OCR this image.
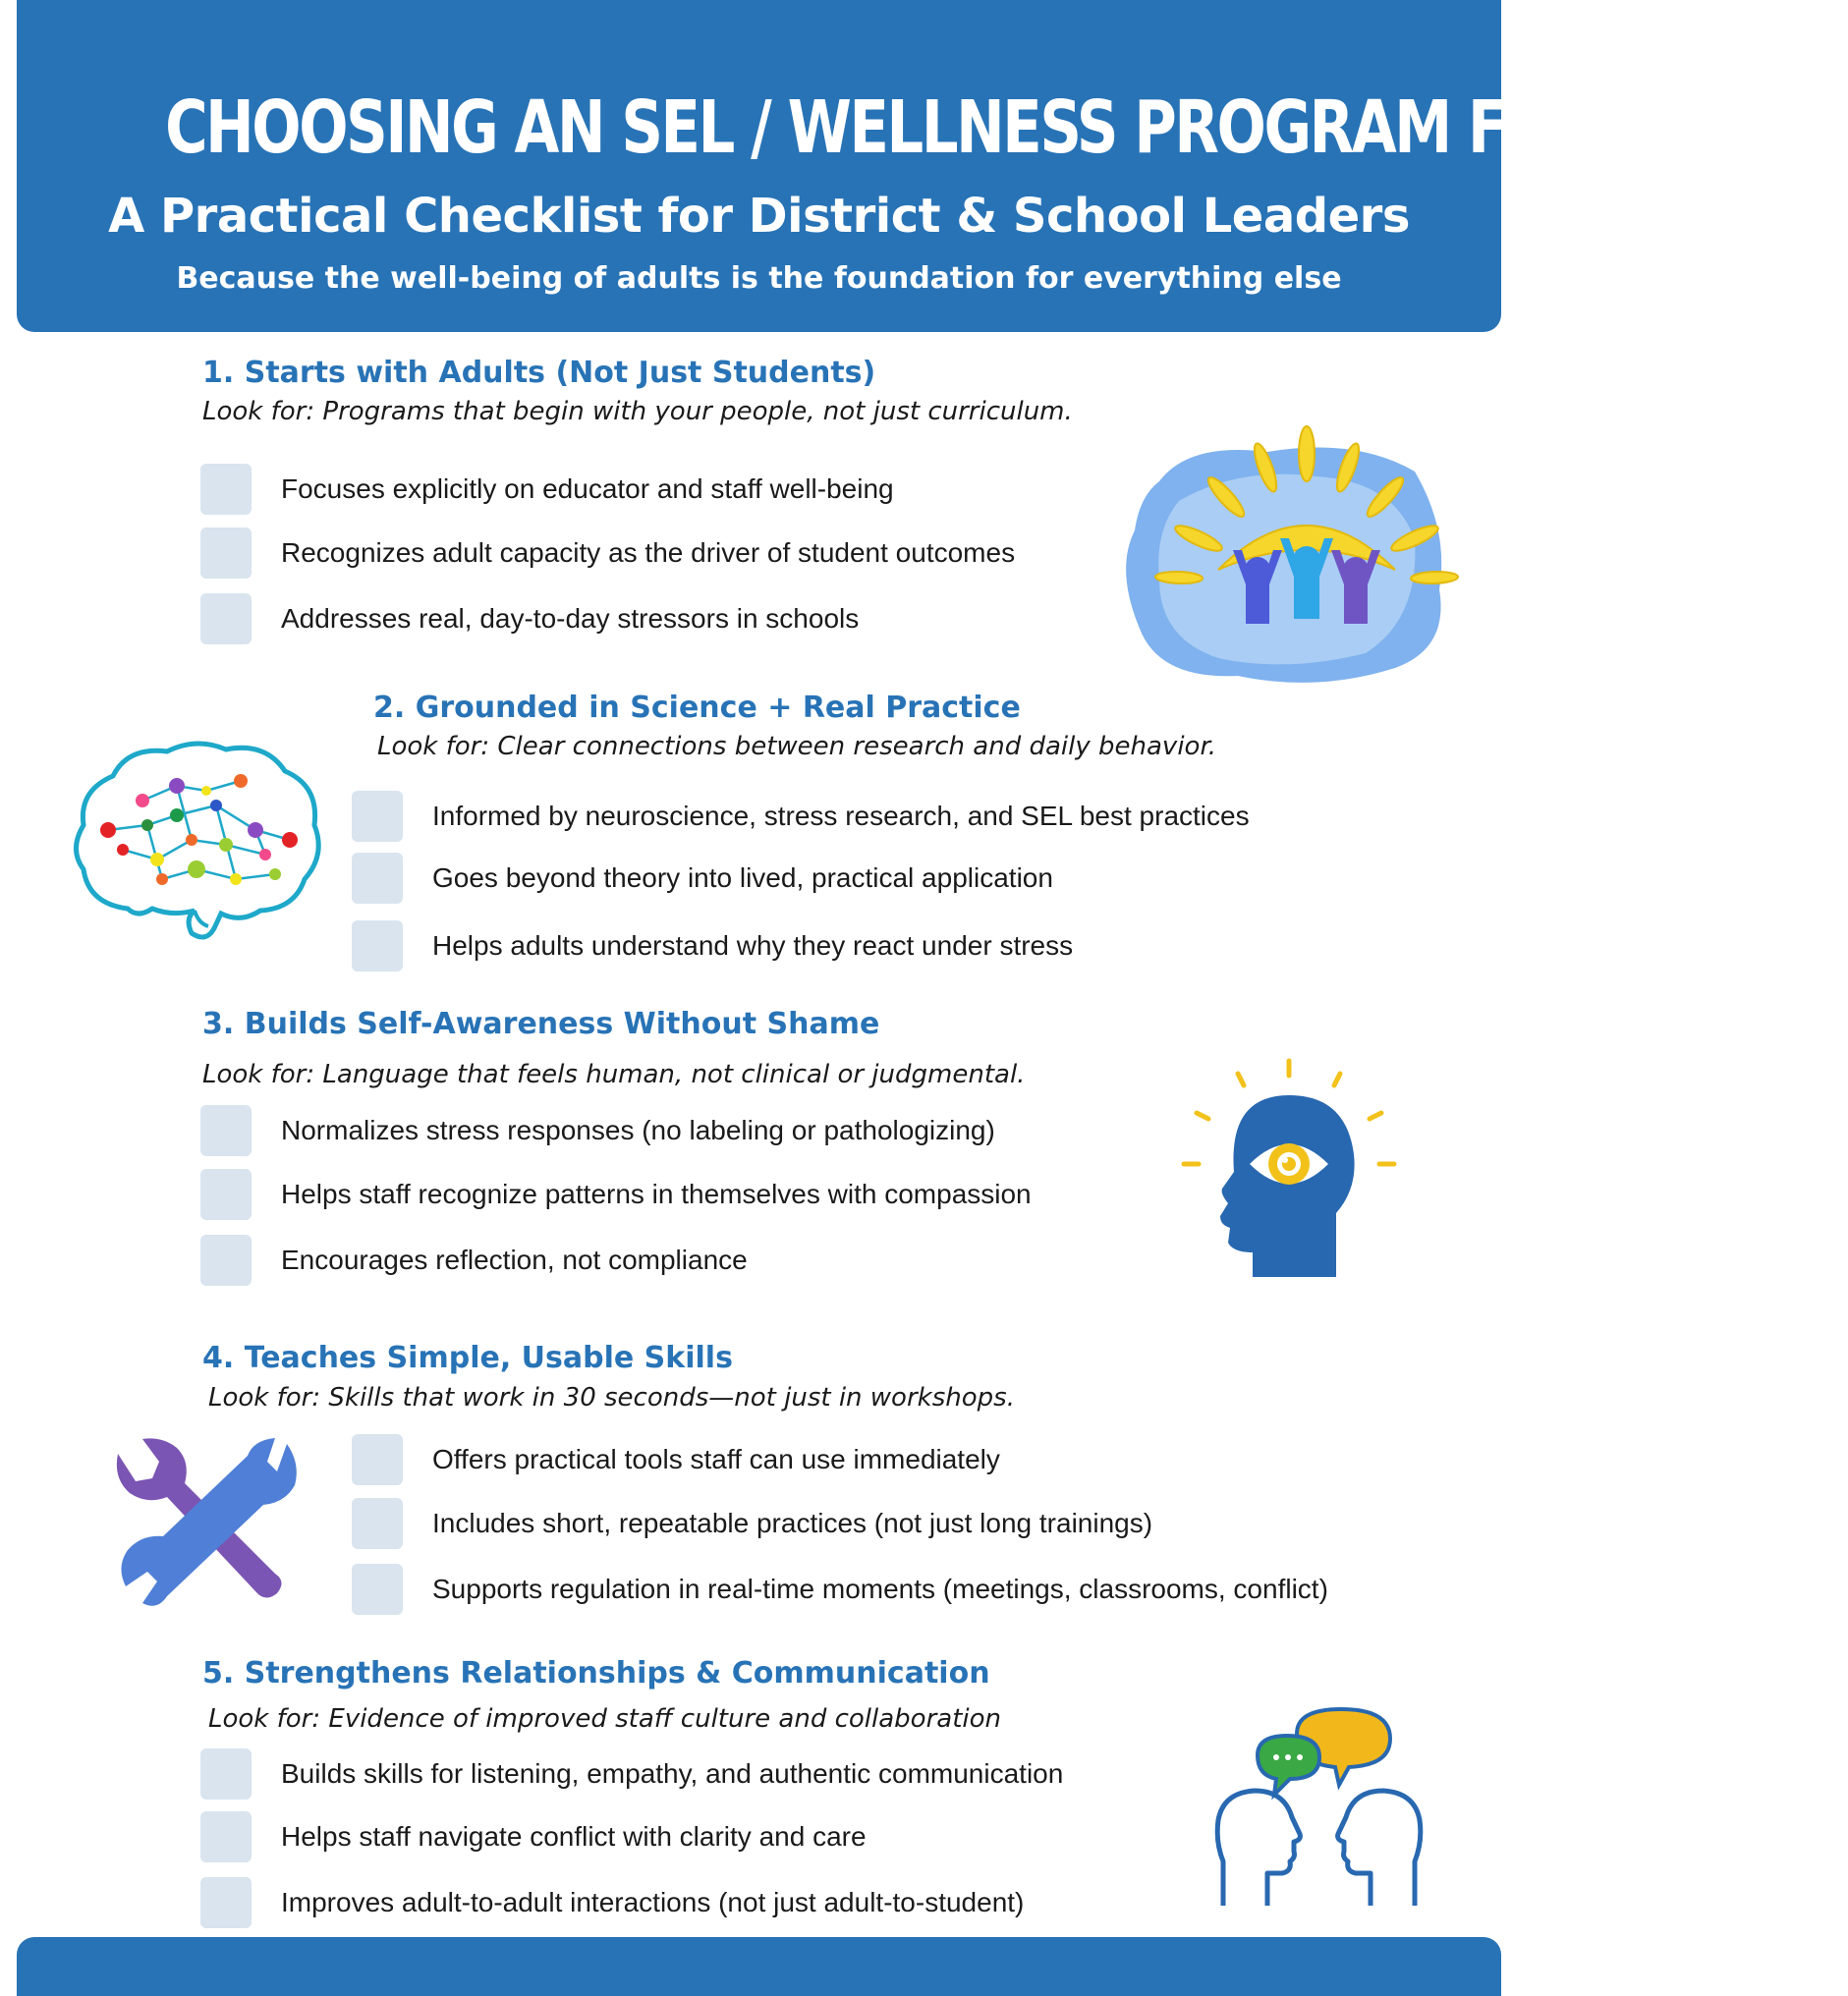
CHOOSING AN SEL / WELLNESS PROGRAM FOR ADULTS
A Practical Checklist for District & School Leaders

Because the well-being of adults is the foundation for everything else

1. Starts with Adults (Not Just Students)
Look for: Programs that begin with your people, not just curriculum.
Focuses explicitly on educator and staff well-being
Recognizes adult capacity as the driver of student outcomes
Addresses real, day-to-day stressors in schools
2. Grounded in Science + Real Practice
Look for: Clear connections between research and daily behavior.
Informed by neuroscience, stress research, and SEL best practices
Goes beyond theory into lived, practical application
Helps adults understand why they react under stress
3. Builds Self-Awareness Without Shame
Look for: Language that feels human, not clinical or judgmental.
Normalizes stress responses (no labeling or pathologizing)
Helps staff recognize patterns in themselves with compassion
Encourages reflection, not compliance
4. Teaches Simple, Usable Skills
Look for: Skills that work in 30 seconds—not just in workshops.
Offers practical tools staff can use immediately
Includes short, repeatable practices (not just long trainings)
Supports regulation in real-time moments (meetings, classrooms, conflict)
5. Strengthens Relationships & Communication
Look for: Evidence of improved staff culture and collaboration
Builds skills for listening, empathy, and authentic communication
Helps staff navigate conflict with clarity and care
Improves adult-to-adult interactions (not just adult-to-student)
